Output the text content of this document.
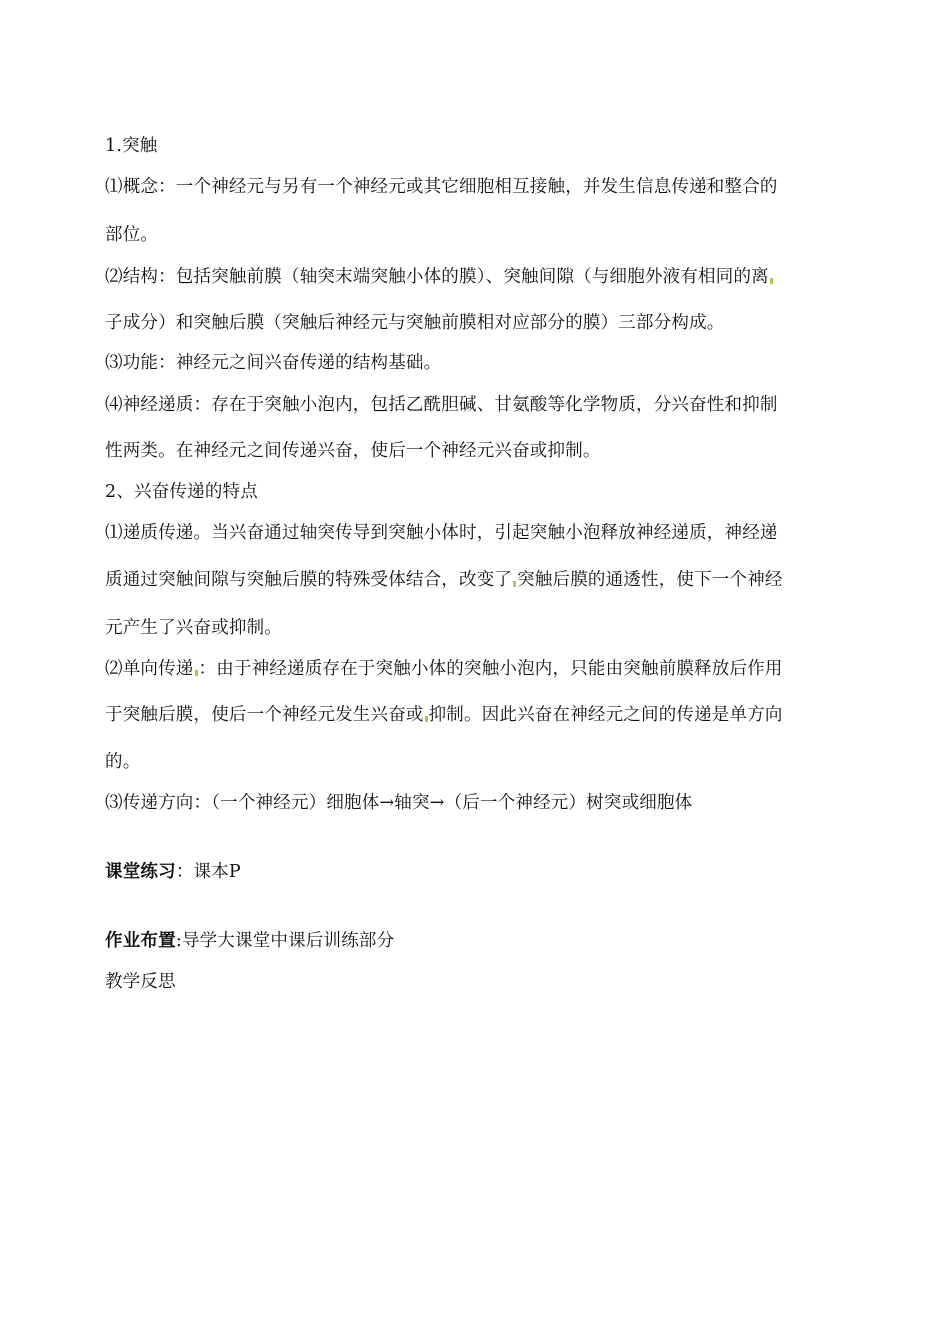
1.突触
⑴概念：一个神经元与另有一个神经元或其它细胞相互接触，并发生信息传递和整合的
部位。
⑵结构：包括突触前膜（轴突末端突触小体的膜）、突触间隙（与细胞外液有相同的离
子成分）和突触后膜（突触后神经元与突触前膜相对应部分的膜）三部分构成。
⑶功能：神经元之间兴奋传递的结构基础。
⑷神经递质：存在于突触小泡内，包括乙酰胆碱、甘氨酸等化学物质，分兴奋性和抑制
性两类。在神经元之间传递兴奋，使后一个神经元兴奋或抑制。
2、兴奋传递的特点
⑴递质传递。当兴奋通过轴突传导到突触小体时，引起突触小泡释放神经递质，神经递
质通过突触间隙与突触后膜的特殊受体结合，改变了 突触后膜的通透性，使下一个神经
元产生了兴奋或抑制。
⑵单向传递 ：由于神经递质存在于突触小体的突触小泡内，只能由突触前膜释放后作用
于突触后膜，使后一个神经元发生兴奋或 抑制。因此兴奋在神经元之间的传递是单方向
的。
⑶传递方向：（一个神经元）细胞体→轴突→（后一个神经元）树突或细胞体
课堂练习：课本P
作业布置:导学大课堂中课后训练部分
教学反思
